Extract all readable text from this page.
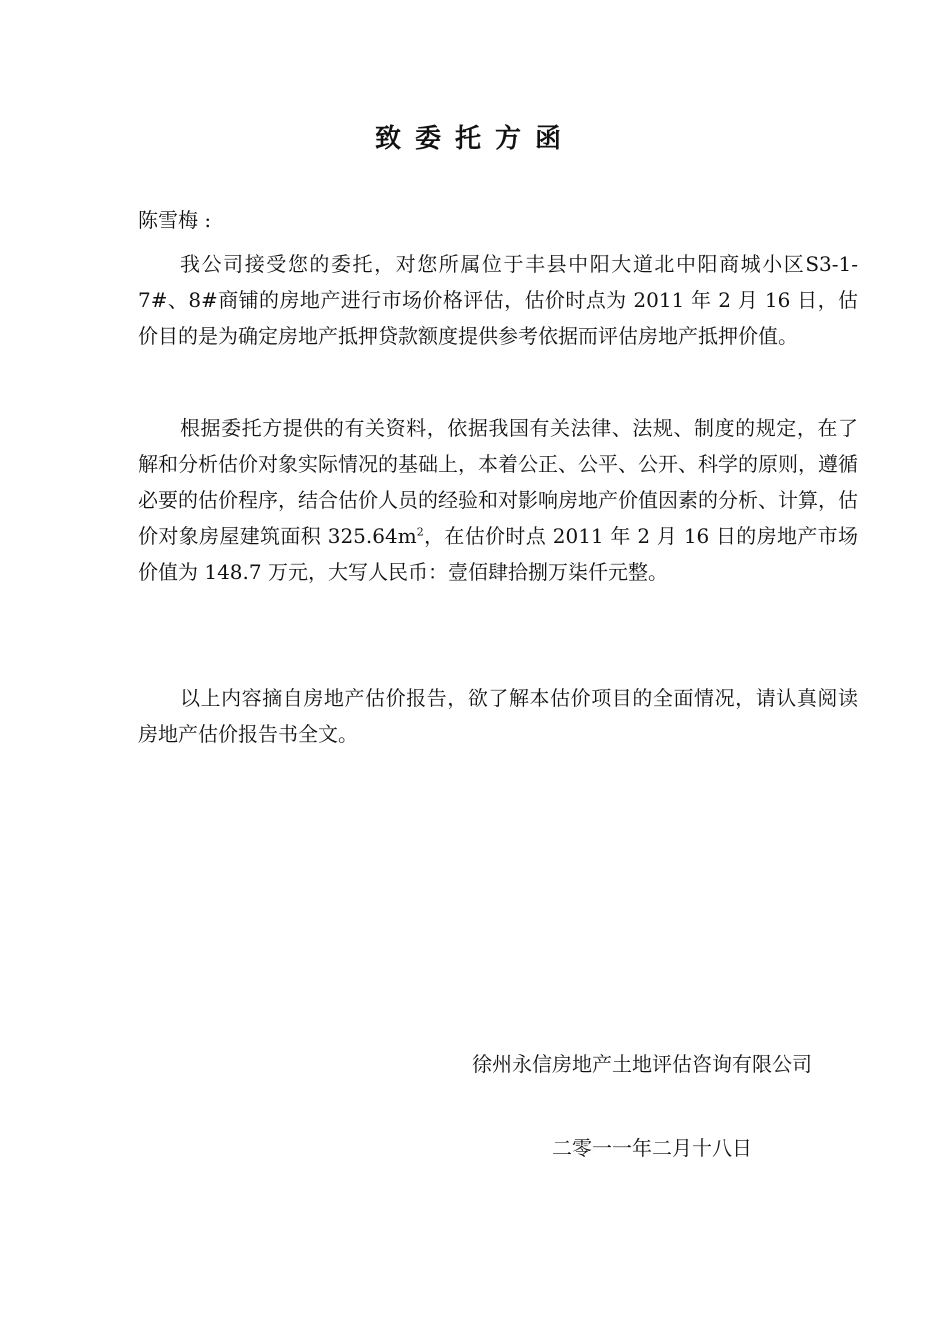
致委托方函
陈雪梅 :
我公司接受您的委托，对您所属位于丰县中阳大道北中阳商城小区S3-1-7#、8#商铺的房地产进行市场价格评估，估价时点为 2011 年 2 月 16 日，估价目的是为确定房地产抵押贷款额度提供参考依据而评估房地产抵押价值。
根据委托方提供的有关资料，依据我国有关法律、法规、制度的规定，在了解和分析估价对象实际情况的基础上，本着公正、公平、公开、科学的原则，遵循必要的估价程序，结合估价人员的经验和对影响房地产价值因素的分析、计算，估价对象房屋建筑面积 $325.64m^2$，在估价时点 2011 年 2 月 16 日的房地产市场价值为 148.7 万元，大写人民币：壹佰肆拾捌万柒仟元整。
以上内容摘自房地产估价报告，欲了解本估价项目的全面情况，请认真阅读房地产估价报告书全文。
徐州永信房地产土地评估咨询有限公司
二零一一年二月十八日
